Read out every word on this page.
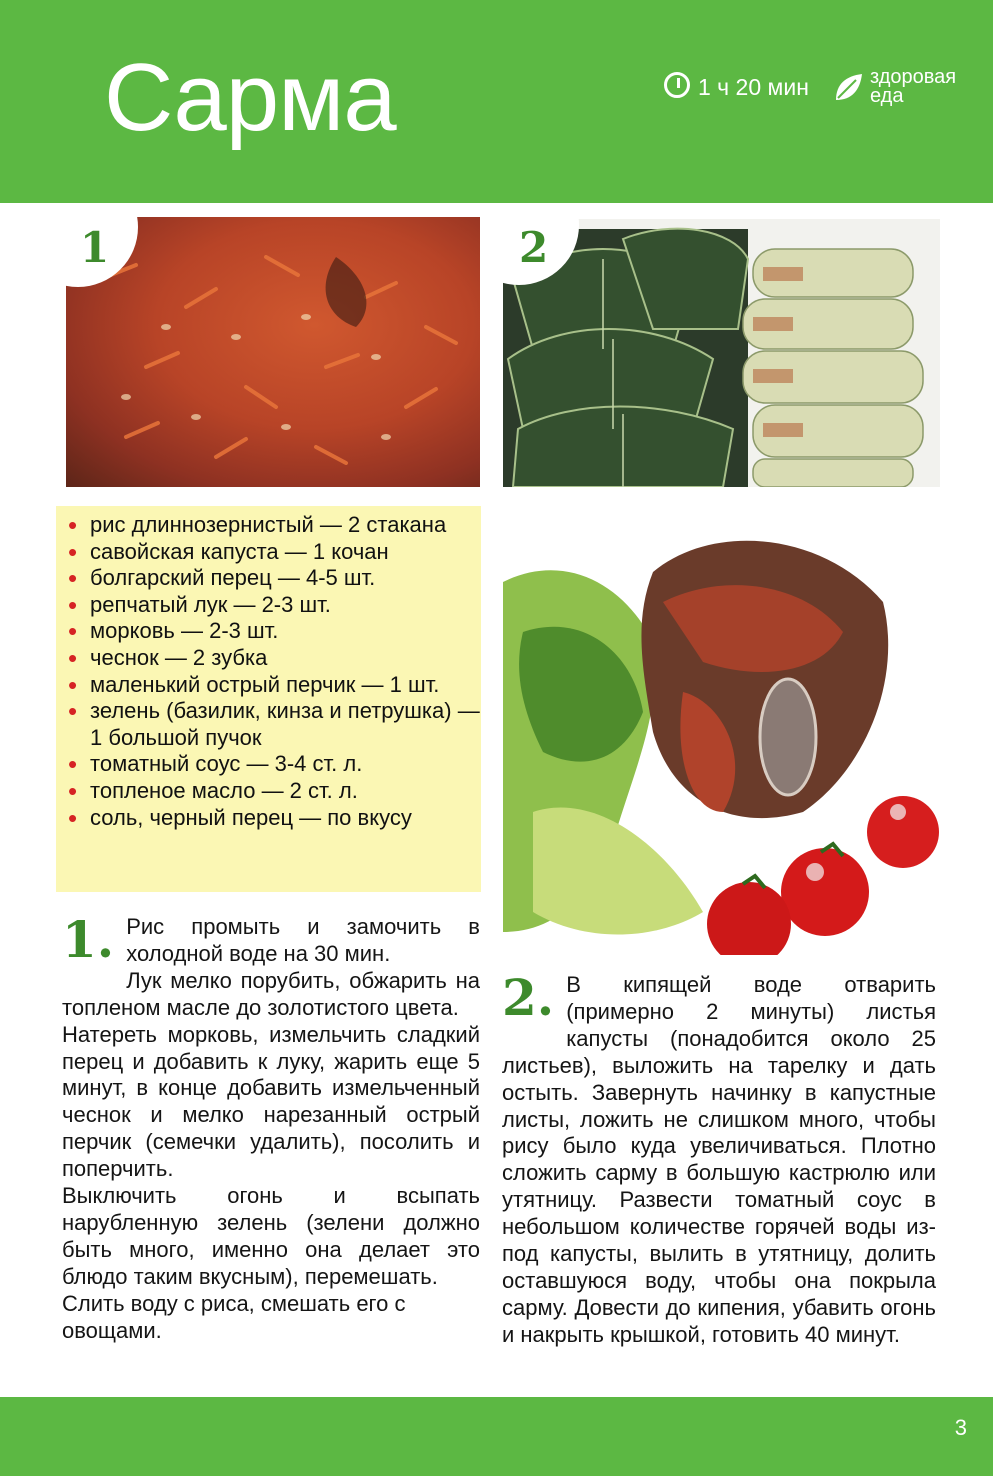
Сарма	1 ч 20 мин	здоровая
еда
1	2
• рис длиннозернистый — 2 стакана
• савойская капуста — 1 кочан
• болгарский перец — 4-5 шт.
• репчатый лук — 2-3 шт.
• морковь — 2-3 шт.
• чеснок — 2 зубка
• маленький острый перчик — 1 шт.
• зелень (базилик, кинза и петрушка) — 1 большой пучок
• томатный соус — 3-4 ст. л.
• топленое масло — 2 ст. л.
• соль, черный перец — по вкусу
1. Рис промыть и замочить в холодной воде на 30 мин.

Лук мелко порубить, обжарить на топленом масле до золотистого цвета.

Натереть морковь, измельчить сладкий перец и добавить к луку, жарить еще 5 минут, в конце добавить измельченный чеснок и мелко нарезанный острый перчик (семечки удалить), посолить и поперчить.

Выключить огонь и всыпать нарубленную зелень (зелени должно быть много, именно она делает это блюдо таким вкусным), перемешать.

Слить воду с риса, смешать его с овощами.

2. В кипящей воде отварить (примерно 2 минуты) листья капусты (понадобится около 25 листьев), выложить на тарелку и дать остыть. Завернуть начинку в капустные листы, ложить не слишком много, чтобы рису было куда увеличиваться. Плотно сложить сарму в большую кастрюлю или утятницу. Развести томатный соус в небольшом количестве горячей воды из-под капусты, вылить в утятницу, долить оставшуюся воду, чтобы она покрыла сарму. Довести до кипения, убавить огонь и накрыть крышкой, готовить 40 минут.

3
